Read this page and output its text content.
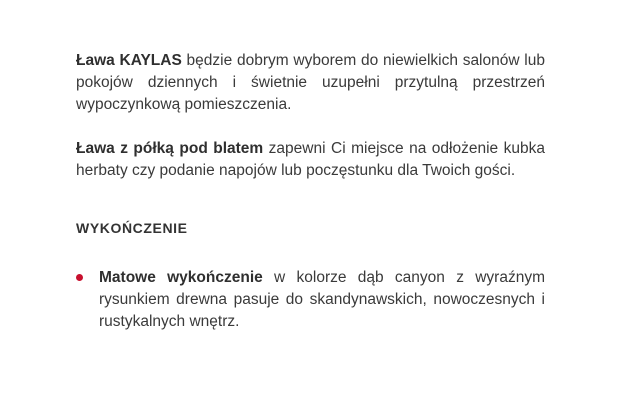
Ława KAYLAS będzie dobrym wyborem do niewielkich salonów lub pokojów dziennych i świetnie uzupełni przytulną przestrzeń wypoczynkową pomieszczenia.

Ława z półką pod blatem zapewni Ci miejsce na odłożenie kubka herbaty czy podanie napojów lub poczęstunku dla Twoich gości.

WYKOŃCZENIE
Matowe wykończenie w kolorze dąb canyon z wyraźnym rysunkiem drewna pasuje do skandynawskich, nowoczesnych i rustykalnych wnętrz.
